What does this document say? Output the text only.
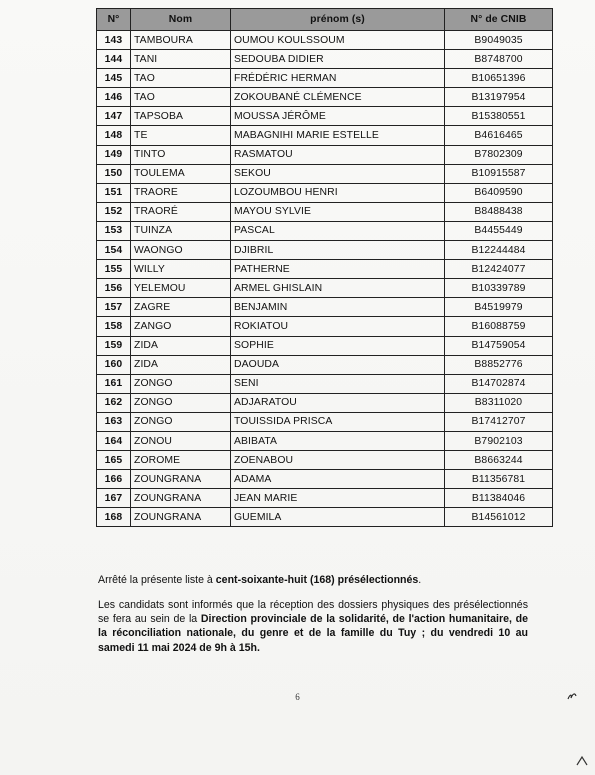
N°	Nom	prénom (s)	N° de CNIB
143	TAMBOURA	OUMOU KOULSSOUM	B9049035
144	TANI	SEDOUBA DIDIER	B8748700
145	TAO	FRÉDÉRIC HERMAN	B10651396
146	TAO	ZOKOUBANÉ CLÉMENCE	B13197954
147	TAPSOBA	MOUSSA JÉRÔME	B15380551
148	TE	MABAGNIHI MARIE ESTELLE	B4616465
149	TINTO	RASMATOU	B7802309
150	TOULEMA	SEKOU	B10915587
151	TRAORE	LOZOUMBOU HENRI	B6409590
152	TRAORÉ	MAYOU SYLVIE	B8488438
153	TUINZA	PASCAL	B4455449
154	WAONGO	DJIBRIL	B12244484
155	WILLY	PATHERNE	B12424077
156	YELEMOU	ARMEL GHISLAIN	B10339789
157	ZAGRE	BENJAMIN	B4519979
158	ZANGO	ROKIATOU	B16088759
159	ZIDA	SOPHIE	B14759054
160	ZIDA	DAOUDA	B8852776
161	ZONGO	SENI	B14702874
162	ZONGO	ADJARATOU	B8311020
163	ZONGO	TOUISSIDA PRISCA	B17412707
164	ZONOU	ABIBATA	B7902103
165	ZOROME	ZOENABOU	B8663244
166	ZOUNGRANA	ADAMA	B11356781
167	ZOUNGRANA	JEAN MARIE	B11384046
168	ZOUNGRANA	GUEMILA	B14561012

Arrêté la présente liste à cent-soixante-huit (168) présélectionnés.

Les candidats sont informés que la réception des dossiers physiques des présélectionnés se fera au sein de la Direction provinciale de la solidarité, de l'action humanitaire, de la réconciliation nationale, du genre et de la famille du Tuy ; du vendredi 10 au samedi 11 mai 2024 de 9h à 15h.

6
